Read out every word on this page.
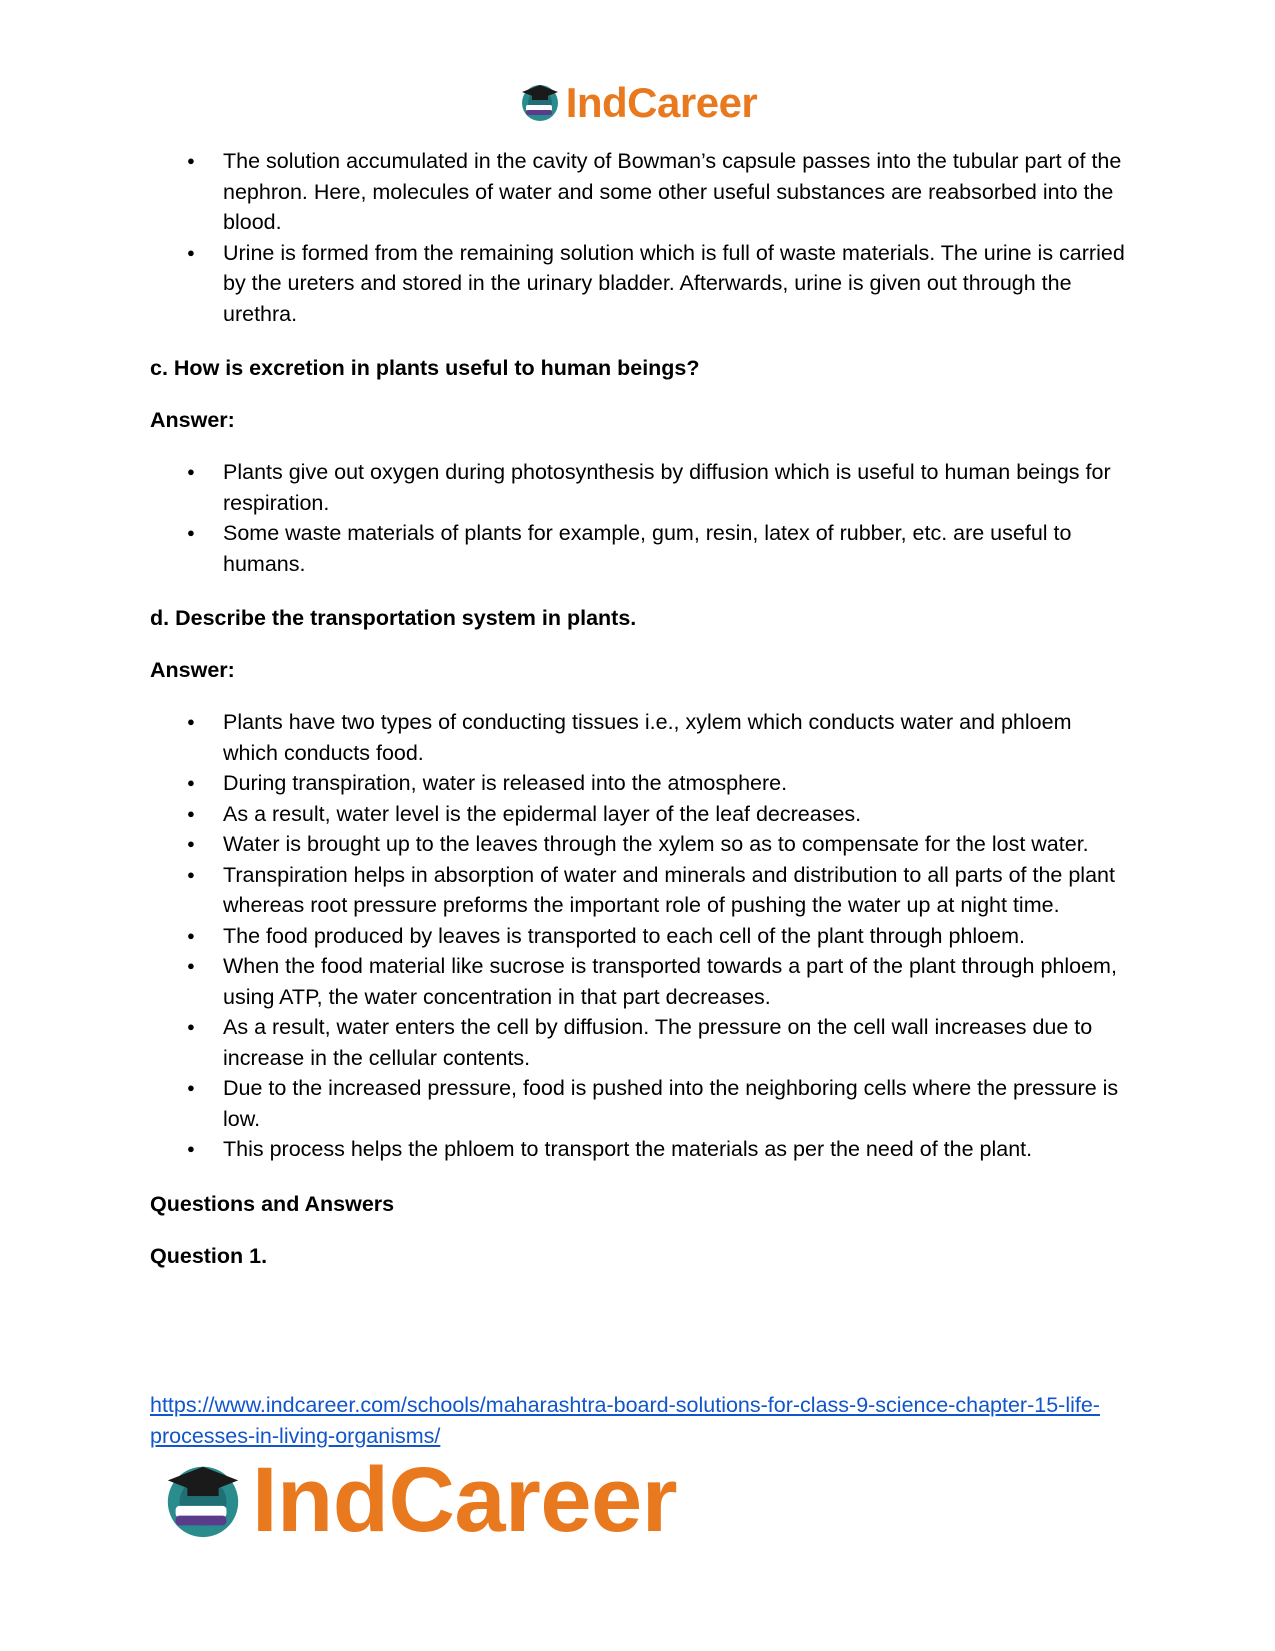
IndCareer
● The solution accumulated in the cavity of Bowman’s capsule passes into the tubular part of the nephron. Here, molecules of water and some other useful substances are reabsorbed into the blood.
● Urine is formed from the remaining solution which is full of waste materials. The urine is carried by the ureters and stored in the urinary bladder. Afterwards, urine is given out through the urethra.

c. How is excretion in plants useful to human beings?

Answer:

● Plants give out oxygen during photosynthesis by diffusion which is useful to human beings for respiration.
● Some waste materials of plants for example, gum, resin, latex of rubber, etc. are useful to humans.

d. Describe the transportation system in plants.

Answer:

● Plants have two types of conducting tissues i.e., xylem which conducts water and phloem which conducts food.
● During transpiration, water is released into the atmosphere.
● As a result, water level is the epidermal layer of the leaf decreases.
● Water is brought up to the leaves through the xylem so as to compensate for the lost water.
● Transpiration helps in absorption of water and minerals and distribution to all parts of the plant whereas root pressure preforms the important role of pushing the water up at night time.
● The food produced by leaves is transported to each cell of the plant through phloem.
● When the food material like sucrose is transported towards a part of the plant through phloem, using ATP, the water concentration in that part decreases.
● As a result, water enters the cell by diffusion. The pressure on the cell wall increases due to increase in the cellular contents.
● Due to the increased pressure, food is pushed into the neighboring cells where the pressure is low.
● This process helps the phloem to transport the materials as per the need of the plant.

Questions and Answers

Question 1.

https://www.indcareer.com/schools/maharashtra-board-solutions-for-class-9-science-chapter-15-life-processes-in-living-organisms/
IndCareer
